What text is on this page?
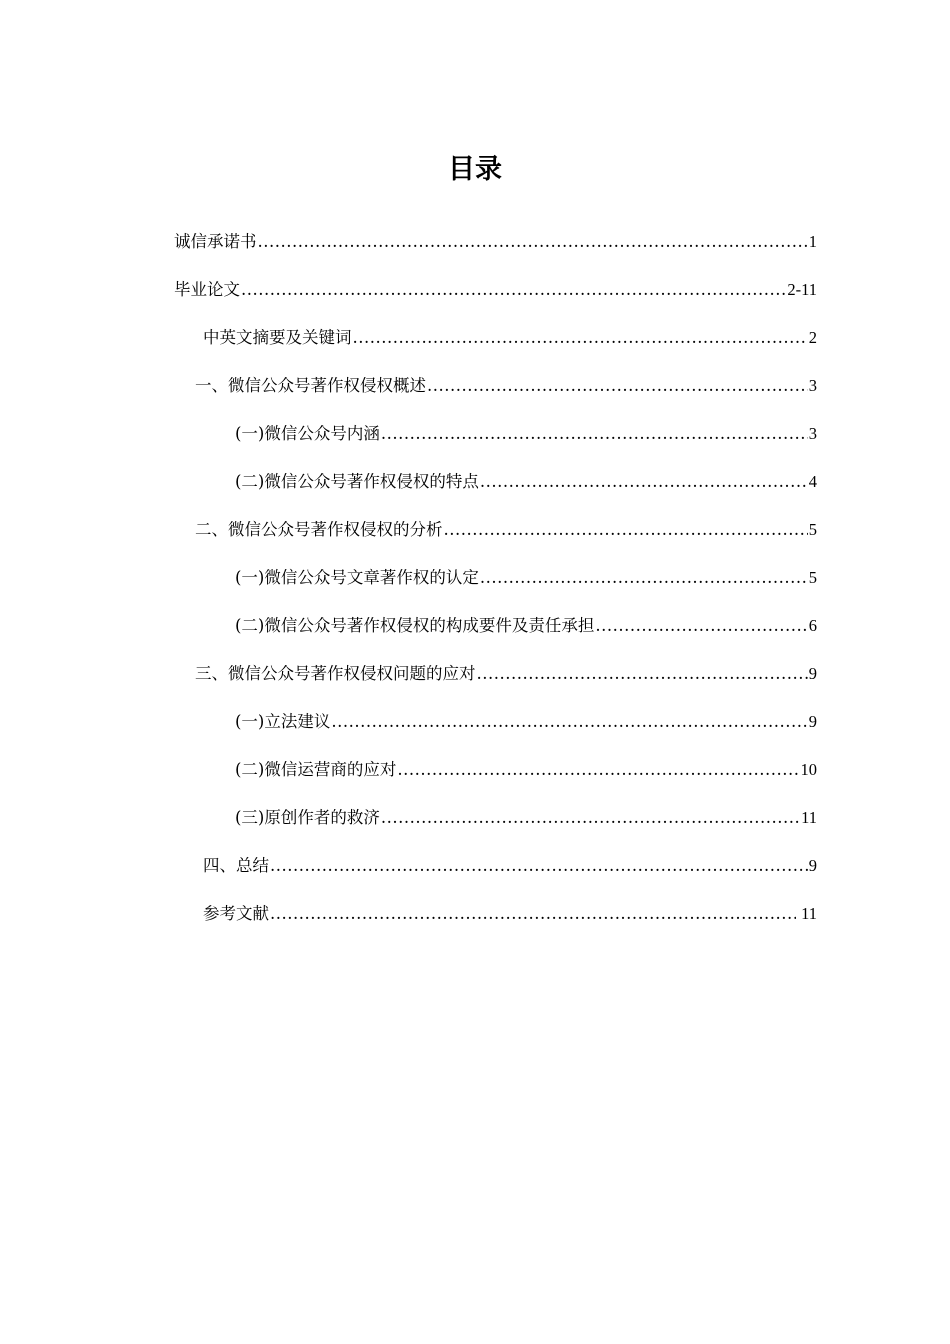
目录
诚信承诺书 .....	1
毕业论文 .....	2-11
中英文摘要及关键词 .....	2
一、微信公众号著作权侵权概述 .....	3
(一)微信公众号内涵 .....	3
(二)微信公众号著作权侵权的特点 .....	4
二、微信公众号著作权侵权的分析 .....	5
(一)微信公众号文章著作权的认定 .....	5
(二)微信公众号著作权侵权的构成要件及责任承担 .....	6
三、微信公众号著作权侵权问题的应对 .....	9
(一)立法建议 .....	9
(二)微信运营商的应对 .....	10
(三)原创作者的救济 .....	11
四、总结 .....	9
参考文献 .....	11
